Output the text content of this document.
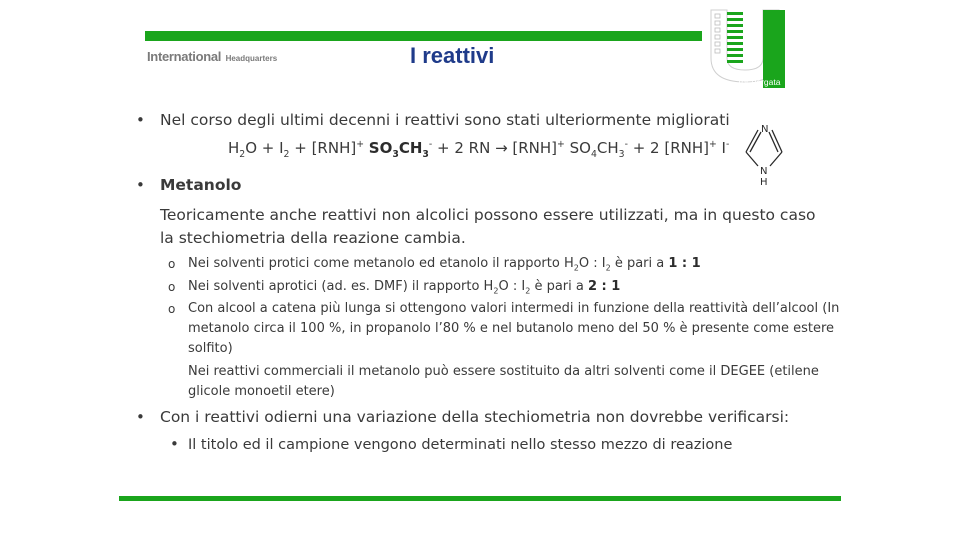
International Headquarters	I reattivi
Tor Vergata
• Nel corso degli ultimi decenni i reattivi sono stati ulteriormente migliorati
$H_2O + I_2 + [RNH]^+$ $SO_3CH_3^- + 2$ RN → [RNH]+ $SO_4CH_3^- + 2$ [RNH]+ I-
• Metanolo
Teoricamente anche reattivi non alcolici possono essere utilizzati, ma in questo caso
la stechiometria della reazione cambia.
o Nei solventi protici come metanolo ed etanolo il rapporto $H_2O$ : $I_2$ è pari a 1 : 1
o Nei solventi aprotici (ad. es. DMF) il rapporto $H_2O$ : $I_2$ è pari a 2 : 1
o Con alcool a catena più lunga si ottengono valori intermedi in funzione della reattività dell’alcool (In
metanolo circa il 100 %, in propanolo l’80 % e nel butanolo meno del 50 % è presente come estere
solfito)
Nei reattivi commerciali il metanolo può essere sostituito da altri solventi come il DEGEE (etilene
glicole monoetil etere)
• Con i reattivi odierni una variazione della stechiometria non dovrebbe verificarsi:
• Il titolo ed il campione vengono determinati nello stesso mezzo di reazione
N
N
H
